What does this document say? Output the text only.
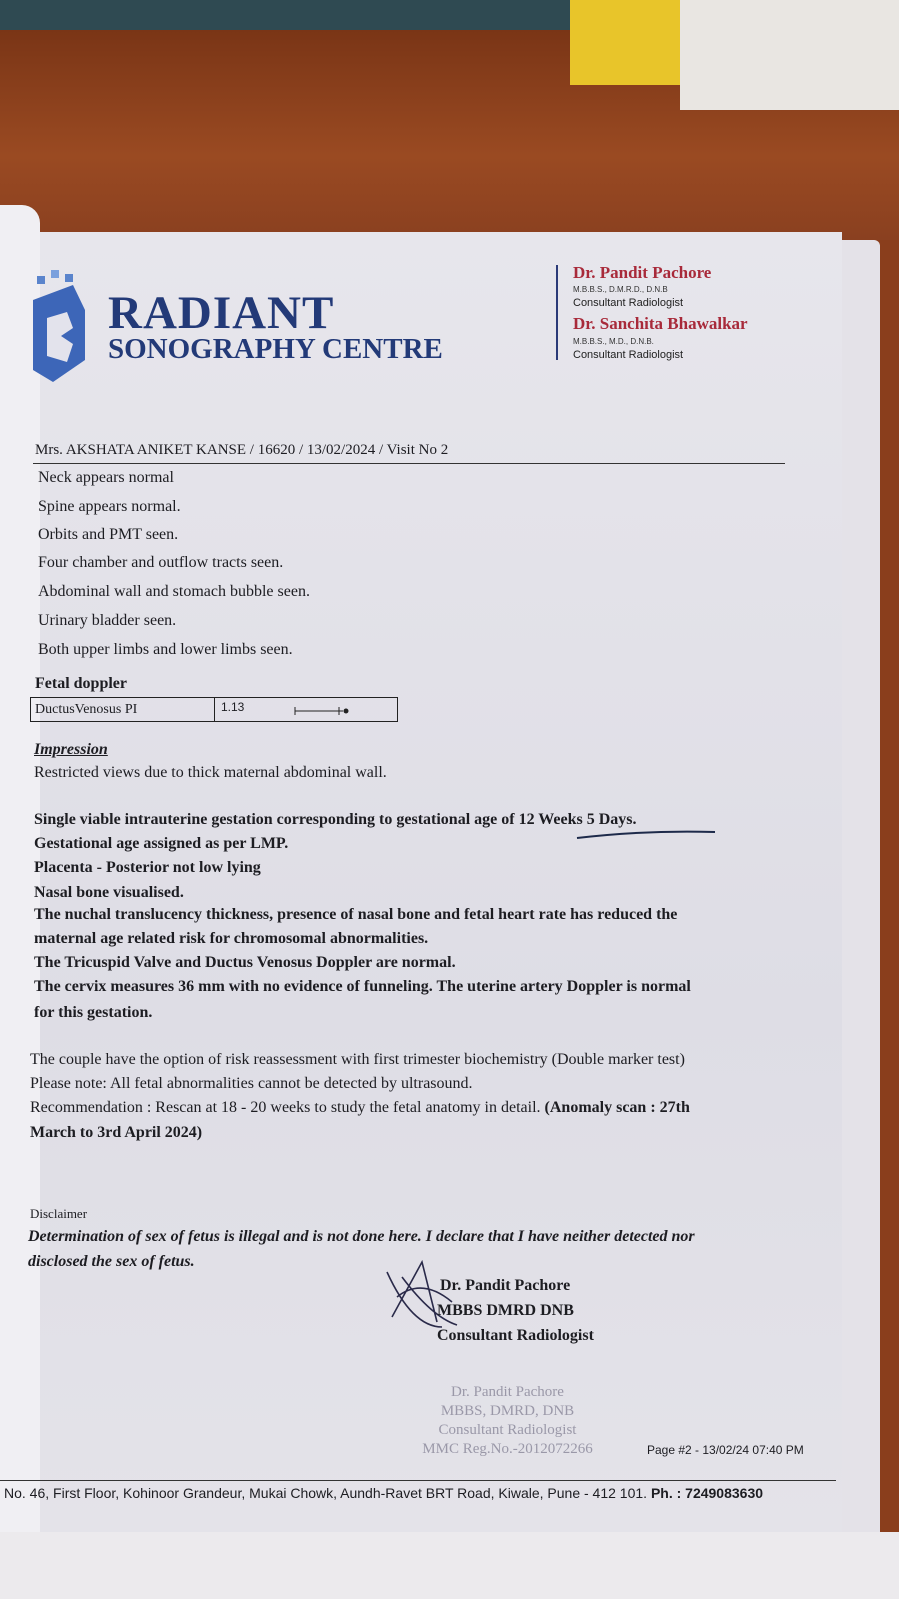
RADIANT
SONOGRAPHY CENTRE
Dr. Pandit Pachore
M.B.B.S., D.M.R.D., D.N.B
Consultant Radiologist
Dr. Sanchita Bhawalkar
M.B.B.S., M.D., D.N.B.
Consultant Radiologist
Mrs. AKSHATA ANIKET KANSE / 16620 / 13/02/2024 / Visit No 2
Neck appears normal
Spine appears normal.
Orbits and PMT seen.
Four chamber and outflow tracts seen.
Abdominal wall and stomach bubble seen.
Urinary bladder seen.
Both upper limbs and lower limbs seen.
Fetal doppler
DuctusVenosus PI	1.13
Impression
Restricted views due to thick maternal abdominal wall.
Single viable intrauterine gestation corresponding to gestational age of 12 Weeks 5 Days.
Gestational age assigned as per LMP.
Placenta - Posterior not low lying
Nasal bone visualised.
The nuchal translucency thickness, presence of nasal bone and fetal heart rate has reduced the
maternal age related risk for chromosomal abnormalities.
The Tricuspid Valve and Ductus Venosus Doppler are normal.
The cervix measures 36 mm with no evidence of funneling. The uterine artery Doppler is normal
for this gestation.
The couple have the option of risk reassessment with first trimester biochemistry (Double marker test)
Please note: All fetal abnormalities cannot be detected by ultrasound.
Recommendation : Rescan at 18 - 20 weeks to study the fetal anatomy in detail. (Anomaly scan : 27th
March to 3rd April 2024)
Disclaimer
Determination of sex of fetus is illegal and is not done here. I declare that I have neither detected nor
disclosed the sex of fetus.
Dr. Pandit Pachore
MBBS DMRD DNB
Consultant Radiologist
Dr. Pandit Pachore
MBBS, DMRD, DNB
Consultant Radiologist
MMC Reg.No.-2012072266	Page #2 - 13/02/24 07:40 PM
No. 46, First Floor, Kohinoor Grandeur, Mukai Chowk, Aundh-Ravet BRT Road, Kiwale, Pune - 412 101. Ph. : 7249083630
